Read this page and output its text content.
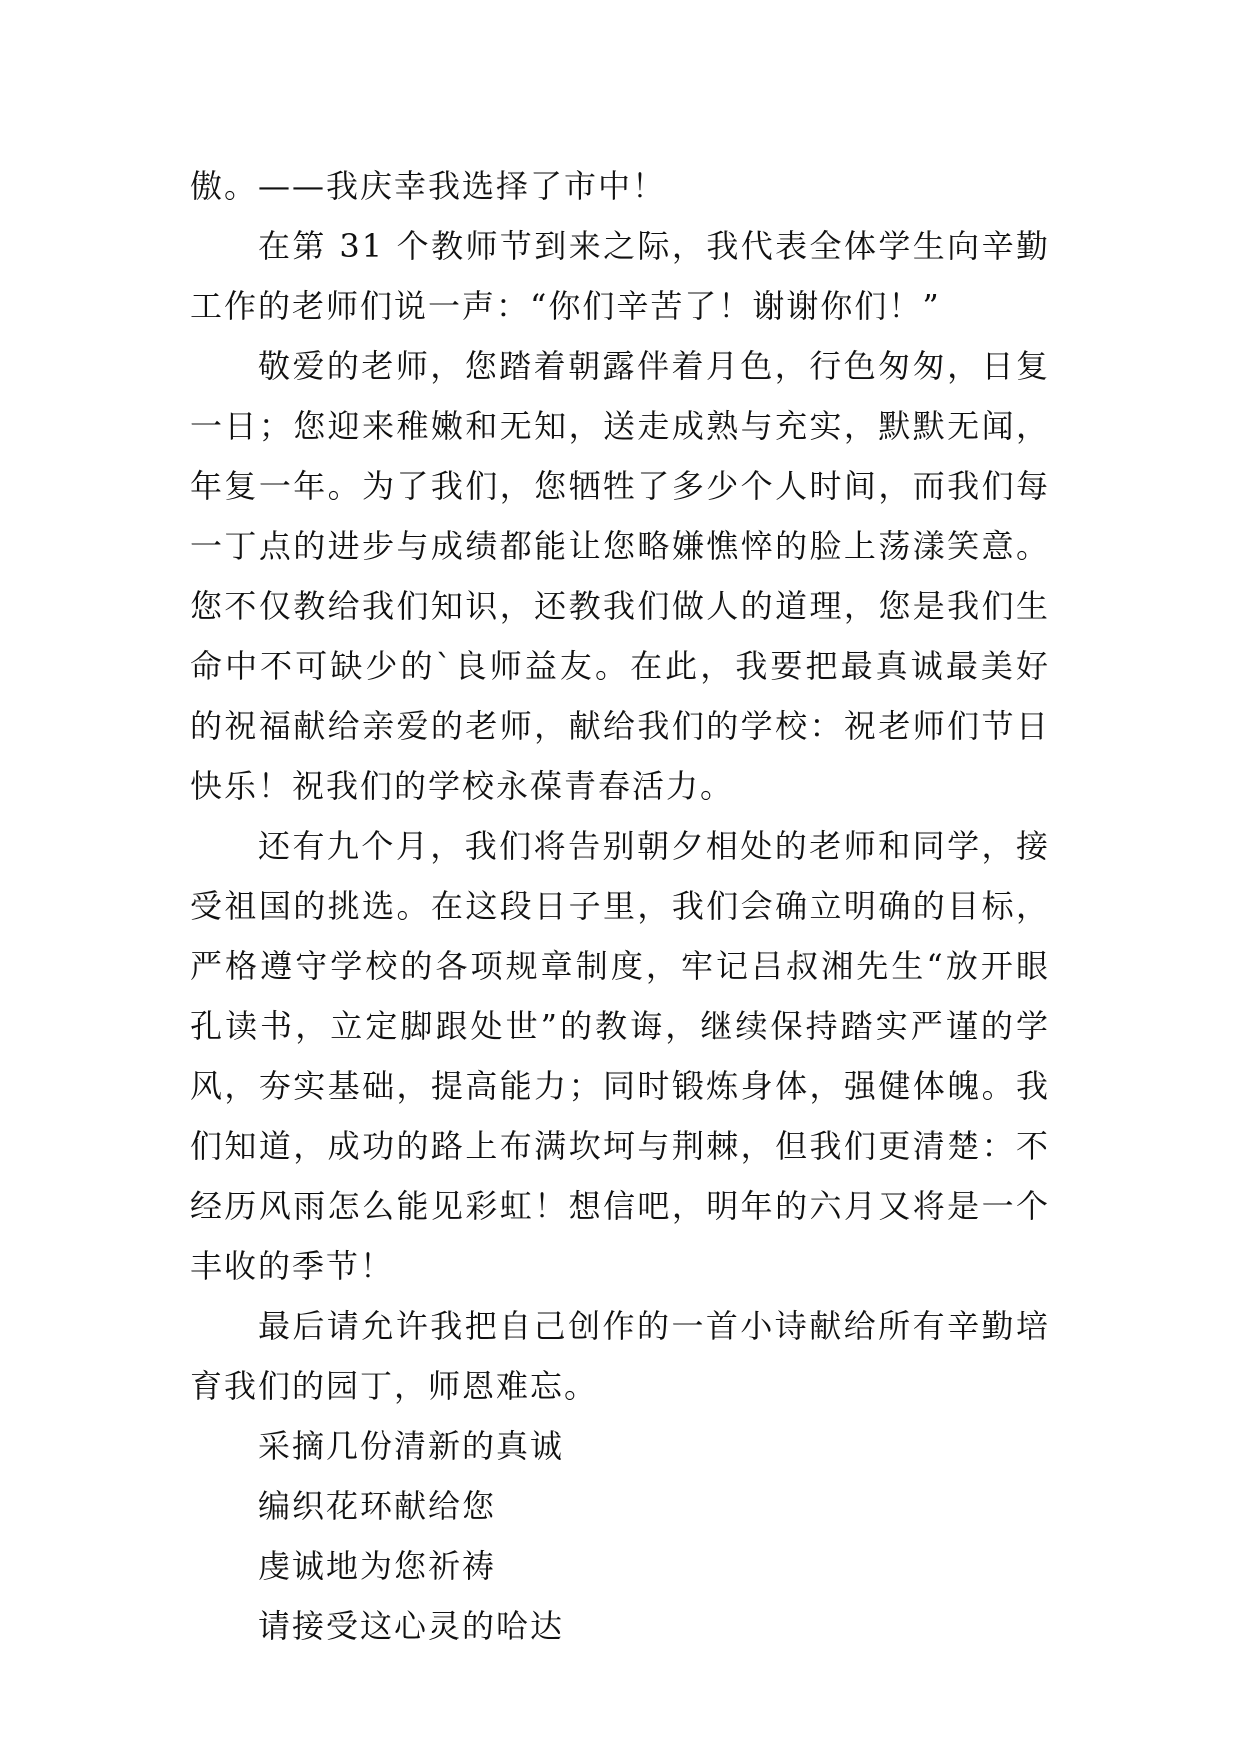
傲。——我庆幸我选择了市中！

在第 31 个教师节到来之际，我代表全体学生向辛勤工作的老师们说一声：“你们辛苦了！谢谢你们！”

敬爱的老师，您踏着朝露伴着月色，行色匆匆，日复一日；您迎来稚嫩和无知，送走成熟与充实，默默无闻，年复一年。为了我们，您牺牲了多少个人时间，而我们每一丁点的进步与成绩都能让您略嫌憔悴的脸上荡漾笑意。您不仅教给我们知识，还教我们做人的道理，您是我们生命中不可缺少的`良师益友。在此，我要把最真诚最美好的祝福献给亲爱的老师，献给我们的学校：祝老师们节日快乐！祝我们的学校永葆青春活力。

还有九个月，我们将告别朝夕相处的老师和同学，接受祖国的挑选。在这段日子里，我们会确立明确的目标，严格遵守学校的各项规章制度，牢记吕叔湘先生“放开眼孔读书，立定脚跟处世”的教诲，继续保持踏实严谨的学风，夯实基础，提高能力；同时锻炼身体，强健体魄。我们知道，成功的路上布满坎坷与荆棘，但我们更清楚：不经历风雨怎么能见彩虹！想信吧，明年的六月又将是一个丰收的季节！

最后请允许我把自己创作的一首小诗献给所有辛勤培育我们的园丁，师恩难忘。

采摘几份清新的真诚
编织花环献给您
虔诚地为您祈祷
请接受这心灵的哈达
